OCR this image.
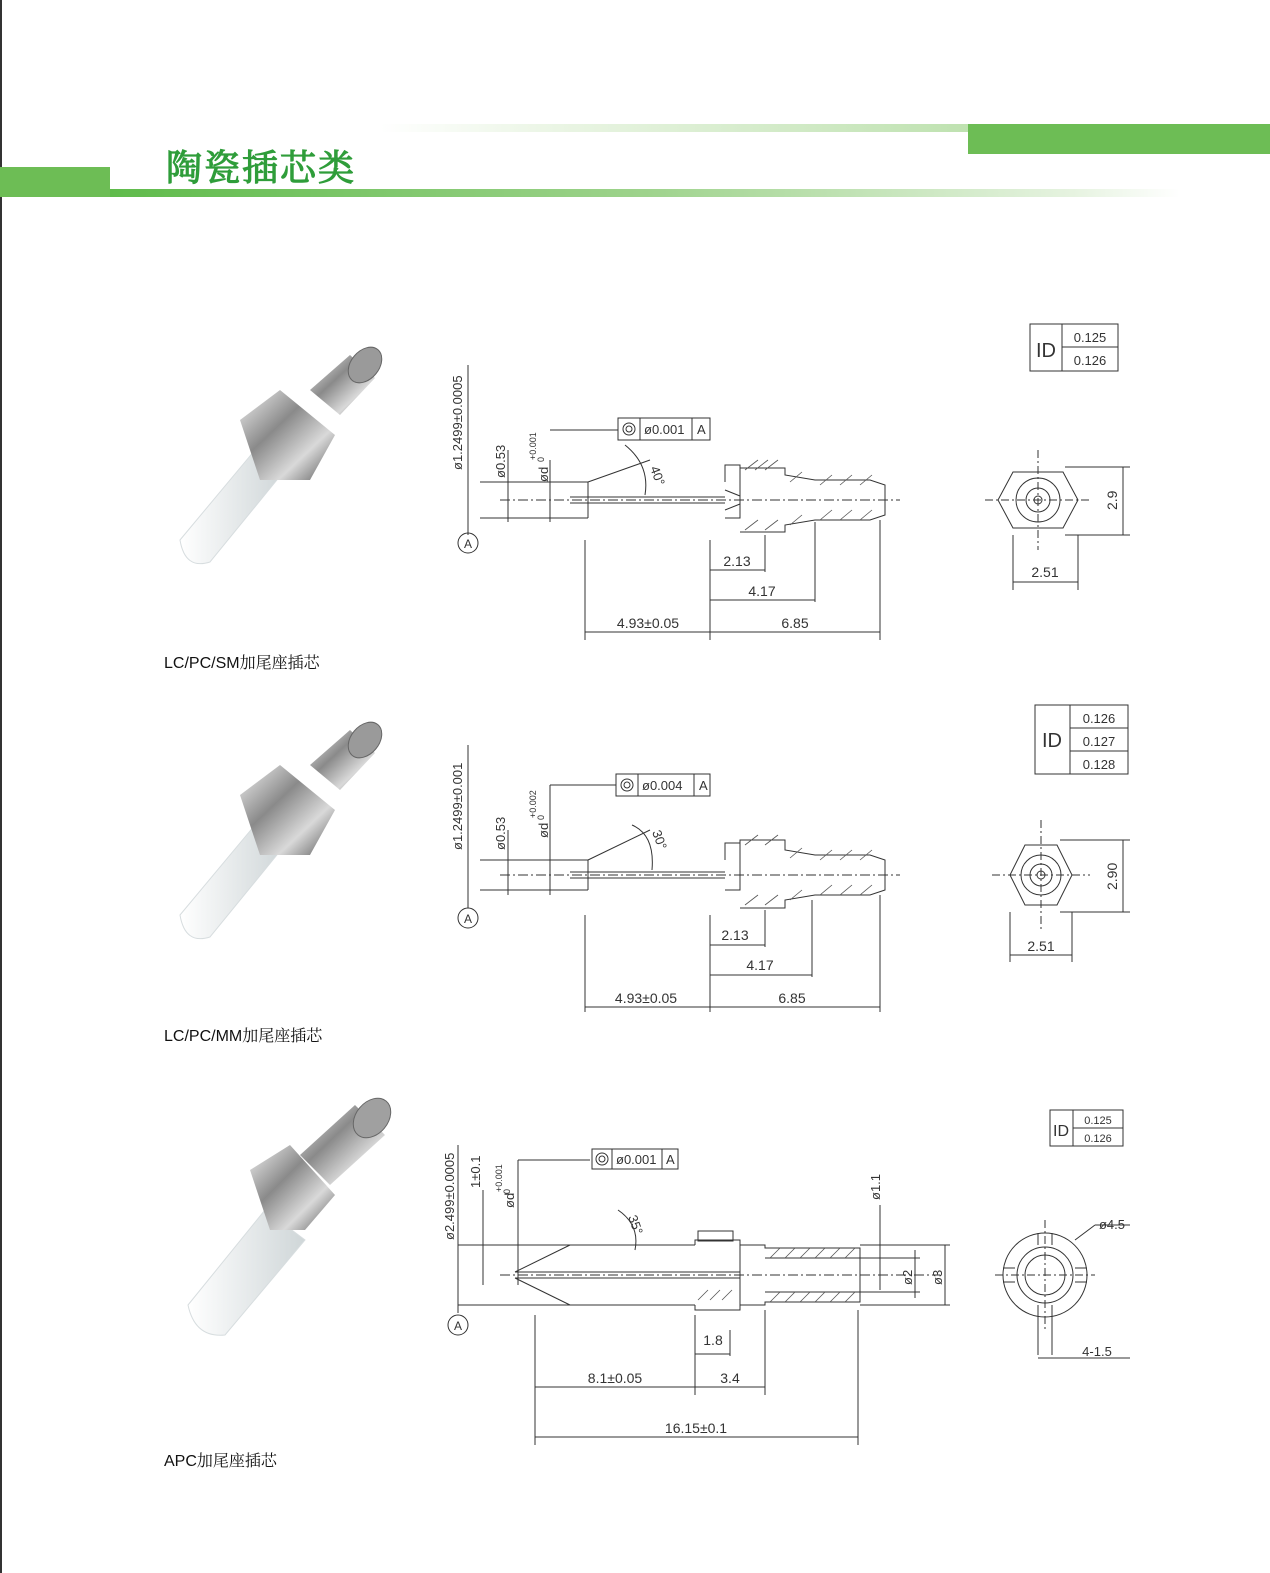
陶瓷插芯类
A
ø1.2499±0.0005 ø0.53 ød
+0.001
0
40°
ø0.001 A
2.13
4.17
4.93±0.05	6.85
2.9
2.51
ID
0.125
0.126
LC/PC/SM加尾座插芯
A
ø1.2499±0.001 ø0.53 ød
+0.002
0
30°
ø0.004 A
2.13
4.17
4.93±0.05	6.85
2.90
2.51
ID
0.126
0.127
0.128
LC/PC/MM加尾座插芯
A
ø2.499±0.0005 1±0.1
ød
+0.001
0
35°
ø0.001 A
ø1.1
ø2 ø3
1.8
3.4
8.1±0.05
16.15±0.1
ø4.5
4-1.5
ID
0.125
0.126
APC加尾座插芯
